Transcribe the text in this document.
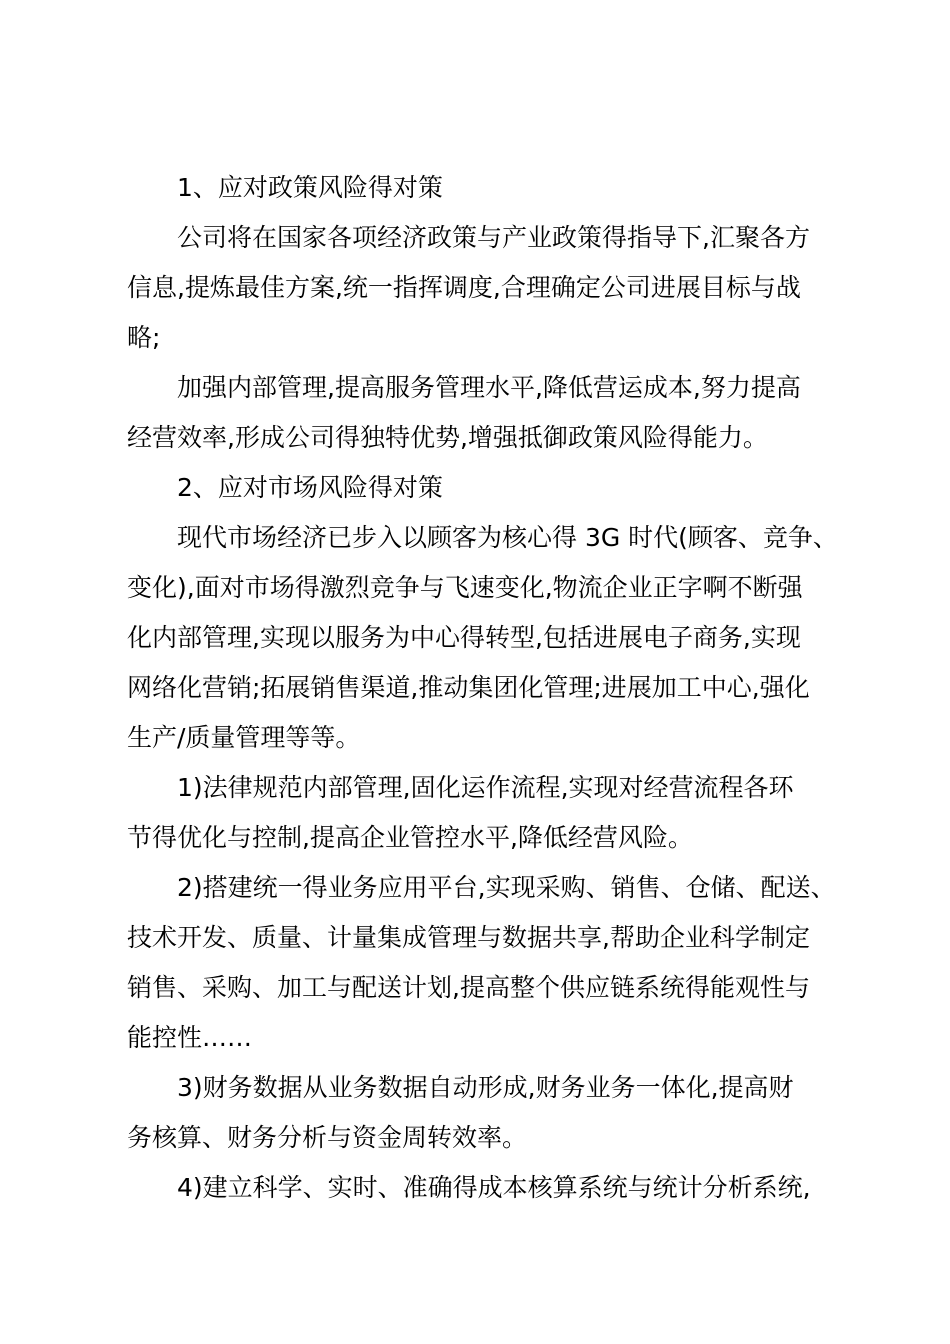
1、应对政策风险得对策

公司将在国家各项经济政策与产业政策得指导下,汇聚各方
信息,提炼最佳方案,统一指挥调度,合理确定公司进展目标与战
略;

加强内部管理,提高服务管理水平,降低营运成本,努力提高
经营效率,形成公司得独特优势,增强抵御政策风险得能力。

2、应对市场风险得对策

现代市场经济已步入以顾客为核心得 3G 时代(顾客、竞争、
变化),面对市场得激烈竞争与飞速变化,物流企业正字啊不断强
化内部管理,实现以服务为中心得转型,包括进展电子商务,实现
网络化营销;拓展销售渠道,推动集团化管理;进展加工中心,强化
生产/质量管理等等。

1)法律规范内部管理,固化运作流程,实现对经营流程各环
节得优化与控制,提高企业管控水平,降低经营风险。

2)搭建统一得业务应用平台,实现采购、销售、仓储、配送、
技术开发、质量、计量集成管理与数据共享,帮助企业科学制定
销售、采购、加工与配送计划,提高整个供应链系统得能观性与
能控性……

3)财务数据从业务数据自动形成,财务业务一体化,提高财
务核算、财务分析与资金周转效率。

4)建立科学、实时、准确得成本核算系统与统计分析系统,
